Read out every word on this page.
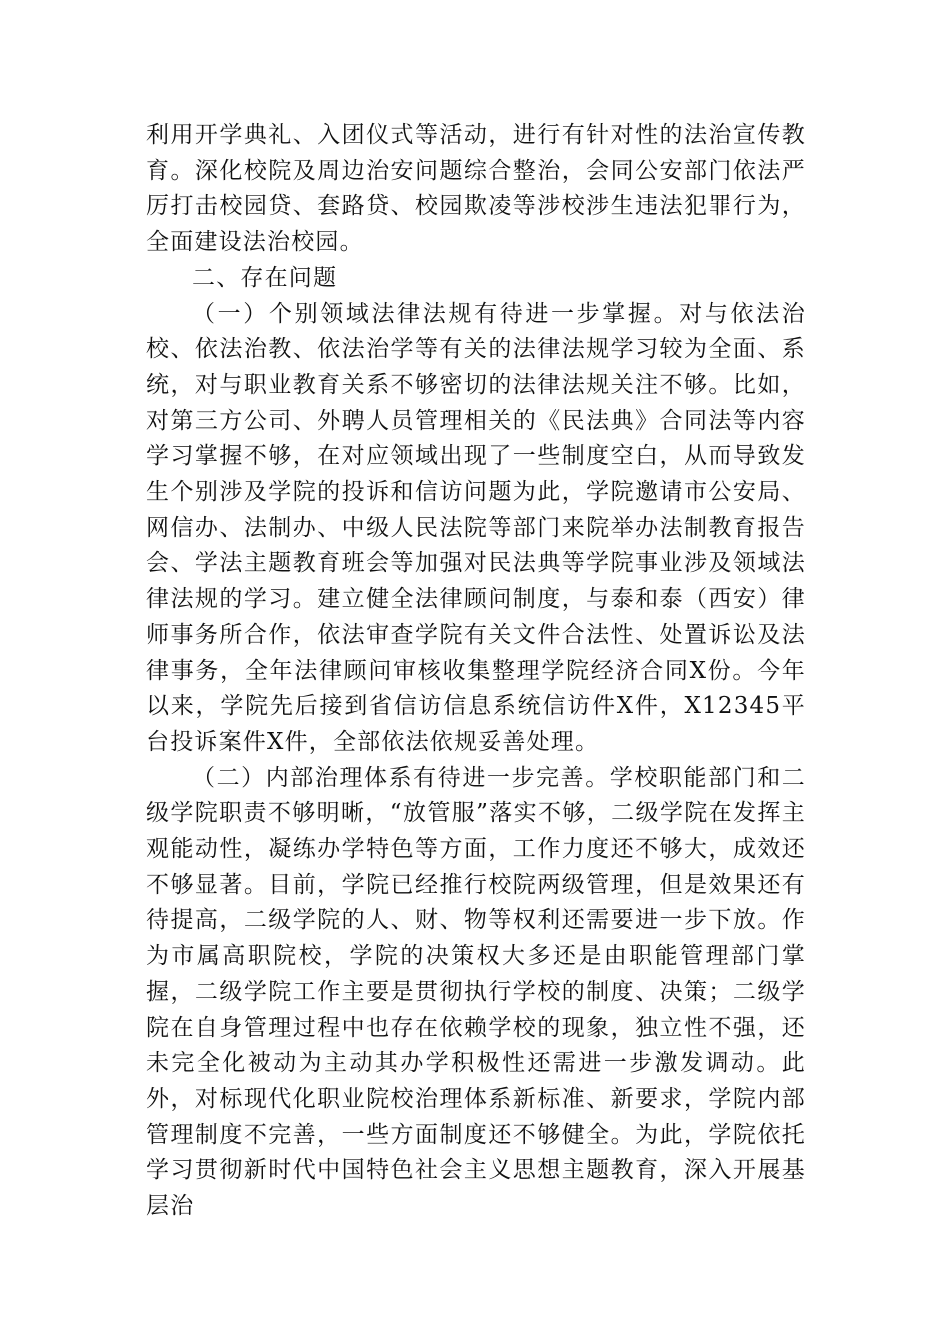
利用开学典礼、入团仪式等活动，进行有针对性的法治宣传教育。深化校院及周边治安问题综合整治，会同公安部门依法严厉打击校园贷、套路贷、校园欺凌等涉校涉生违法犯罪行为，全面建设法治校园。

二、存在问题

（一）个别领域法律法规有待进一步掌握。对与依法治校、依法治教、依法治学等有关的法律法规学习较为全面、系统，对与职业教育关系不够密切的法律法规关注不够。比如，对第三方公司、外聘人员管理相关的《民法典》合同法等内容学习掌握不够，在对应领域出现了一些制度空白，从而导致发生个别涉及学院的投诉和信访问题为此，学院邀请市公安局、网信办、法制办、中级人民法院等部门来院举办法制教育报告会、学法主题教育班会等加强对民法典等学院事业涉及领域法律法规的学习。建立健全法律顾问制度，与泰和泰（西安）律师事务所合作，依法审查学院有关文件合法性、处置诉讼及法律事务，全年法律顾问审核收集整理学院经济合同X份。今年以来，学院先后接到省信访信息系统信访件X件，X12345平台投诉案件X件，全部依法依规妥善处理。

（二）内部治理体系有待进一步完善。学校职能部门和二级学院职责不够明晰，“放管服”落实不够，二级学院在发挥主观能动性，凝练办学特色等方面，工作力度还不够大，成效还不够显著。目前，学院已经推行校院两级管理，但是效果还有待提高，二级学院的人、财、物等权利还需要进一步下放。作为市属高职院校，学院的决策权大多还是由职能管理部门掌握，二级学院工作主要是贯彻执行学校的制度、决策；二级学院在自身管理过程中也存在依赖学校的现象，独立性不强，还未完全化被动为主动其办学积极性还需进一步激发调动。此外，对标现代化职业院校治理体系新标准、新要求，学院内部管理制度不完善，一些方面制度还不够健全。为此，学院依托学习贯彻新时代中国特色社会主义思想主题教育，深入开展基层治
